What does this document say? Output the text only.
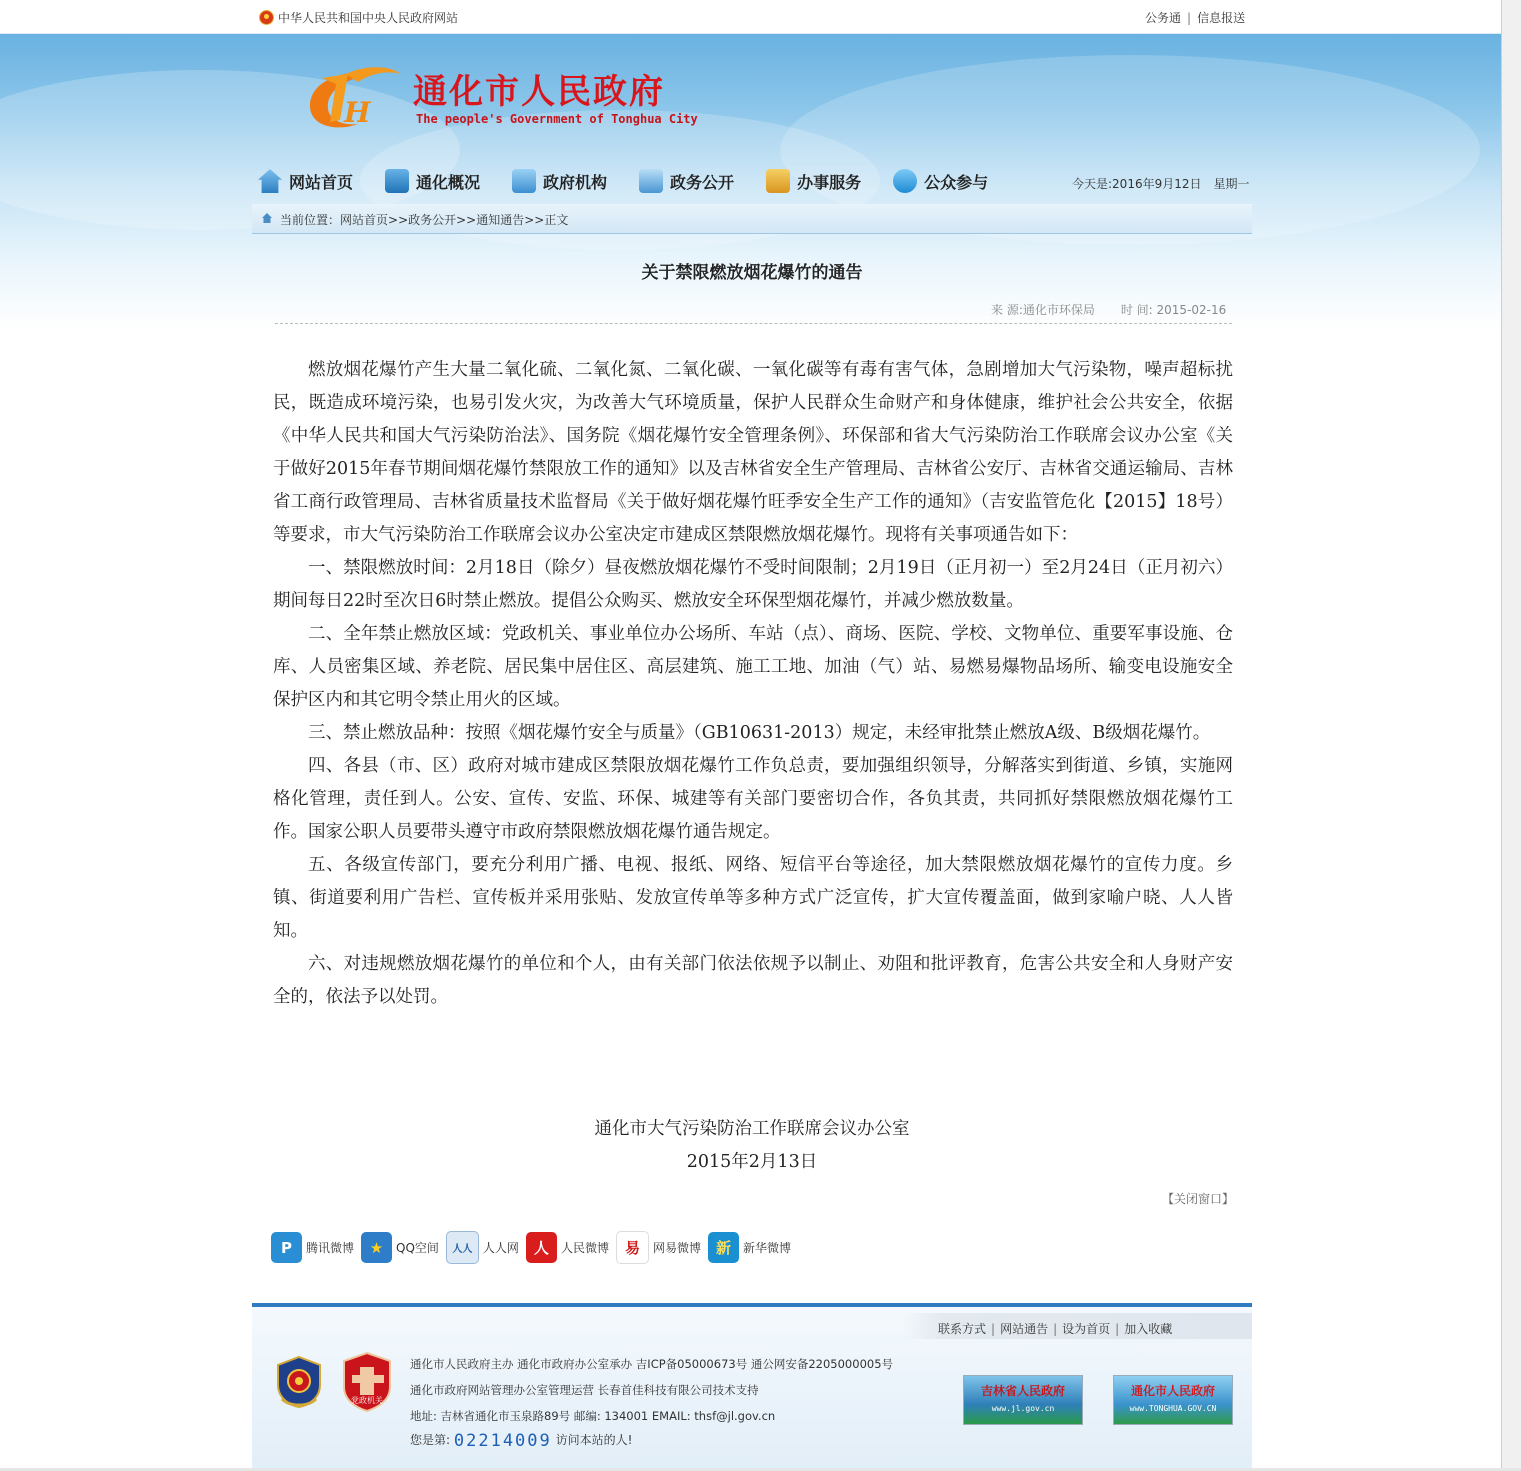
中华人民共和国中央人民政府网站	公务通 | 信息报送
H
通化市人民政府
The people's Government of Tonghua City
网站首页	通化概况	政府机构	政务公开	办事服务	公众参与	今天是:2016年9月12日　星期一
当前位置：网站首页>>政务公开>>通知通告>>正文
关于禁限燃放烟花爆竹的通告
来 源:通化市环保局 时 间: 2015-02-16

燃放烟花爆竹产生大量二氧化硫、二氧化氮、二氧化碳、一氧化碳等有毒有害气体，急剧增加大气污染物，噪声超标扰民，既造成环境污染，也易引发火灾，为改善大气环境质量，保护人民群众生命财产和身体健康，维护社会公共安全，依据《中华人民共和国大气污染防治法》、国务院《烟花爆竹安全管理条例》、环保部和省大气污染防治工作联席会议办公室《关于做好2015年春节期间烟花爆竹禁限放工作的通知》以及吉林省安全生产管理局、吉林省公安厅、吉林省交通运输局、吉林省工商行政管理局、吉林省质量技术监督局《关于做好烟花爆竹旺季安全生产工作的通知》（吉安监管危化【2015】18号）等要求，市大气污染防治工作联席会议办公室决定市建成区禁限燃放烟花爆竹。现将有关事项通告如下：

一、禁限燃放时间：2月18日（除夕）昼夜燃放烟花爆竹不受时间限制；2月19日（正月初一）至2月24日（正月初六）期间每日22时至次日6时禁止燃放。提倡公众购买、燃放安全环保型烟花爆竹，并减少燃放数量。

二、全年禁止燃放区域：党政机关、事业单位办公场所、车站（点）、商场、医院、学校、文物单位、重要军事设施、仓库、人员密集区域、养老院、居民集中居住区、高层建筑、施工工地、加油（气）站、易燃易爆物品场所、输变电设施安全保护区内和其它明令禁止用火的区域。

三、禁止燃放品种：按照《烟花爆竹安全与质量》（GB10631-2013）规定，未经审批禁止燃放A级、B级烟花爆竹。

四、各县（市、区）政府对城市建成区禁限放烟花爆竹工作负总责，要加强组织领导，分解落实到街道、乡镇，实施网格化管理，责任到人。公安、宣传、安监、环保、城建等有关部门要密切合作，各负其责，共同抓好禁限燃放烟花爆竹工作。国家公职人员要带头遵守市政府禁限燃放烟花爆竹通告规定。

五、各级宣传部门，要充分利用广播、电视、报纸、网络、短信平台等途径，加大禁限燃放烟花爆竹的宣传力度。乡镇、街道要利用广告栏、宣传板并采用张贴、发放宣传单等多种方式广泛宣传，扩大宣传覆盖面，做到家喻户晓、人人皆知。

六、对违规燃放烟花爆竹的单位和个人，由有关部门依法依规予以制止、劝阻和批评教育，危害公共安全和人身财产安全的，依法予以处罚。

通化市大气污染防治工作联席会议办公室
2015年2月13日
【关闭窗口】
P	腾讯微博	★	QQ空间	人人 人人网 人	人民微博	易	网易微博 新	新华微博
联系方式 | 网站通告 | 设为首页 | 加入收藏
党政机关
通化市人民政府主办 通化市政府办公室承办 吉ICP备05000673号 通公网安备2205000005号
通化市政府网站管理办公室管理运营 长春首佳科技有限公司技术支持
地址: 吉林省通化市玉泉路89号 邮编: 134001 EMAIL: thsf@jl.gov.cn
您是第: 02214009 访问本站的人!
吉林省人民政府
www.jl.gov.cn
通化市人民政府
www.TONGHUA.GOV.CN
